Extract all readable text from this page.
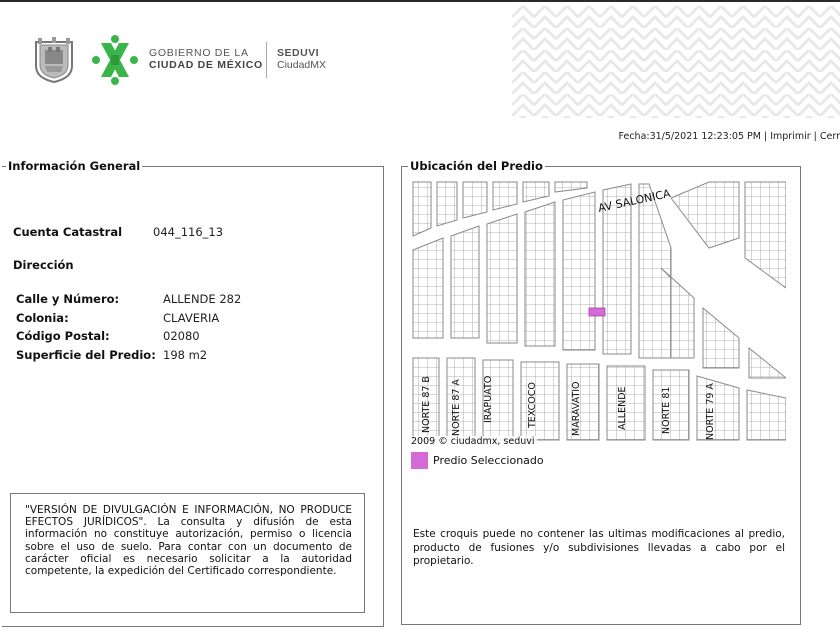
GOBIERNO DE LA
CIUDAD DE MÉXICO
SEDUVI
CiudadMX
Fecha:31/5/2021 12:23:05 PM | Imprimir | Cerr
Información General
Cuenta Catastral	044_116_13
Dirección
Calle y Número:	ALLENDE 282
Colonia:	CLAVERIA
Código Postal:	02080
Superficie del Predio: 198 m2
"VERSIÓN DE DIVULGACIÓN E INFORMACIÓN, NO PRODUCE EFECTOS JURÍDICOS". La consulta y difusión de esta información no constituye autorización, permiso o licencia sobre el uso de suelo. Para contar con un documento de carácter oficial es necesario solicitar a la autoridad competente, la expedición del Certificado correspondiente.
Ubicación del Predio
AV SALONICA
NORTE 87 B NORTE 87 A IRAPUATO	TEXCOCO	MARAVATIO	ALLENDE	NORTE 81	NORTE 79 A
2009 © ciudadmx, seduvi
Predio Seleccionado
Este croquis puede no contener las ultimas modificaciones al predio, producto de fusiones y/o subdivisiones llevadas a cabo por el propietario.
